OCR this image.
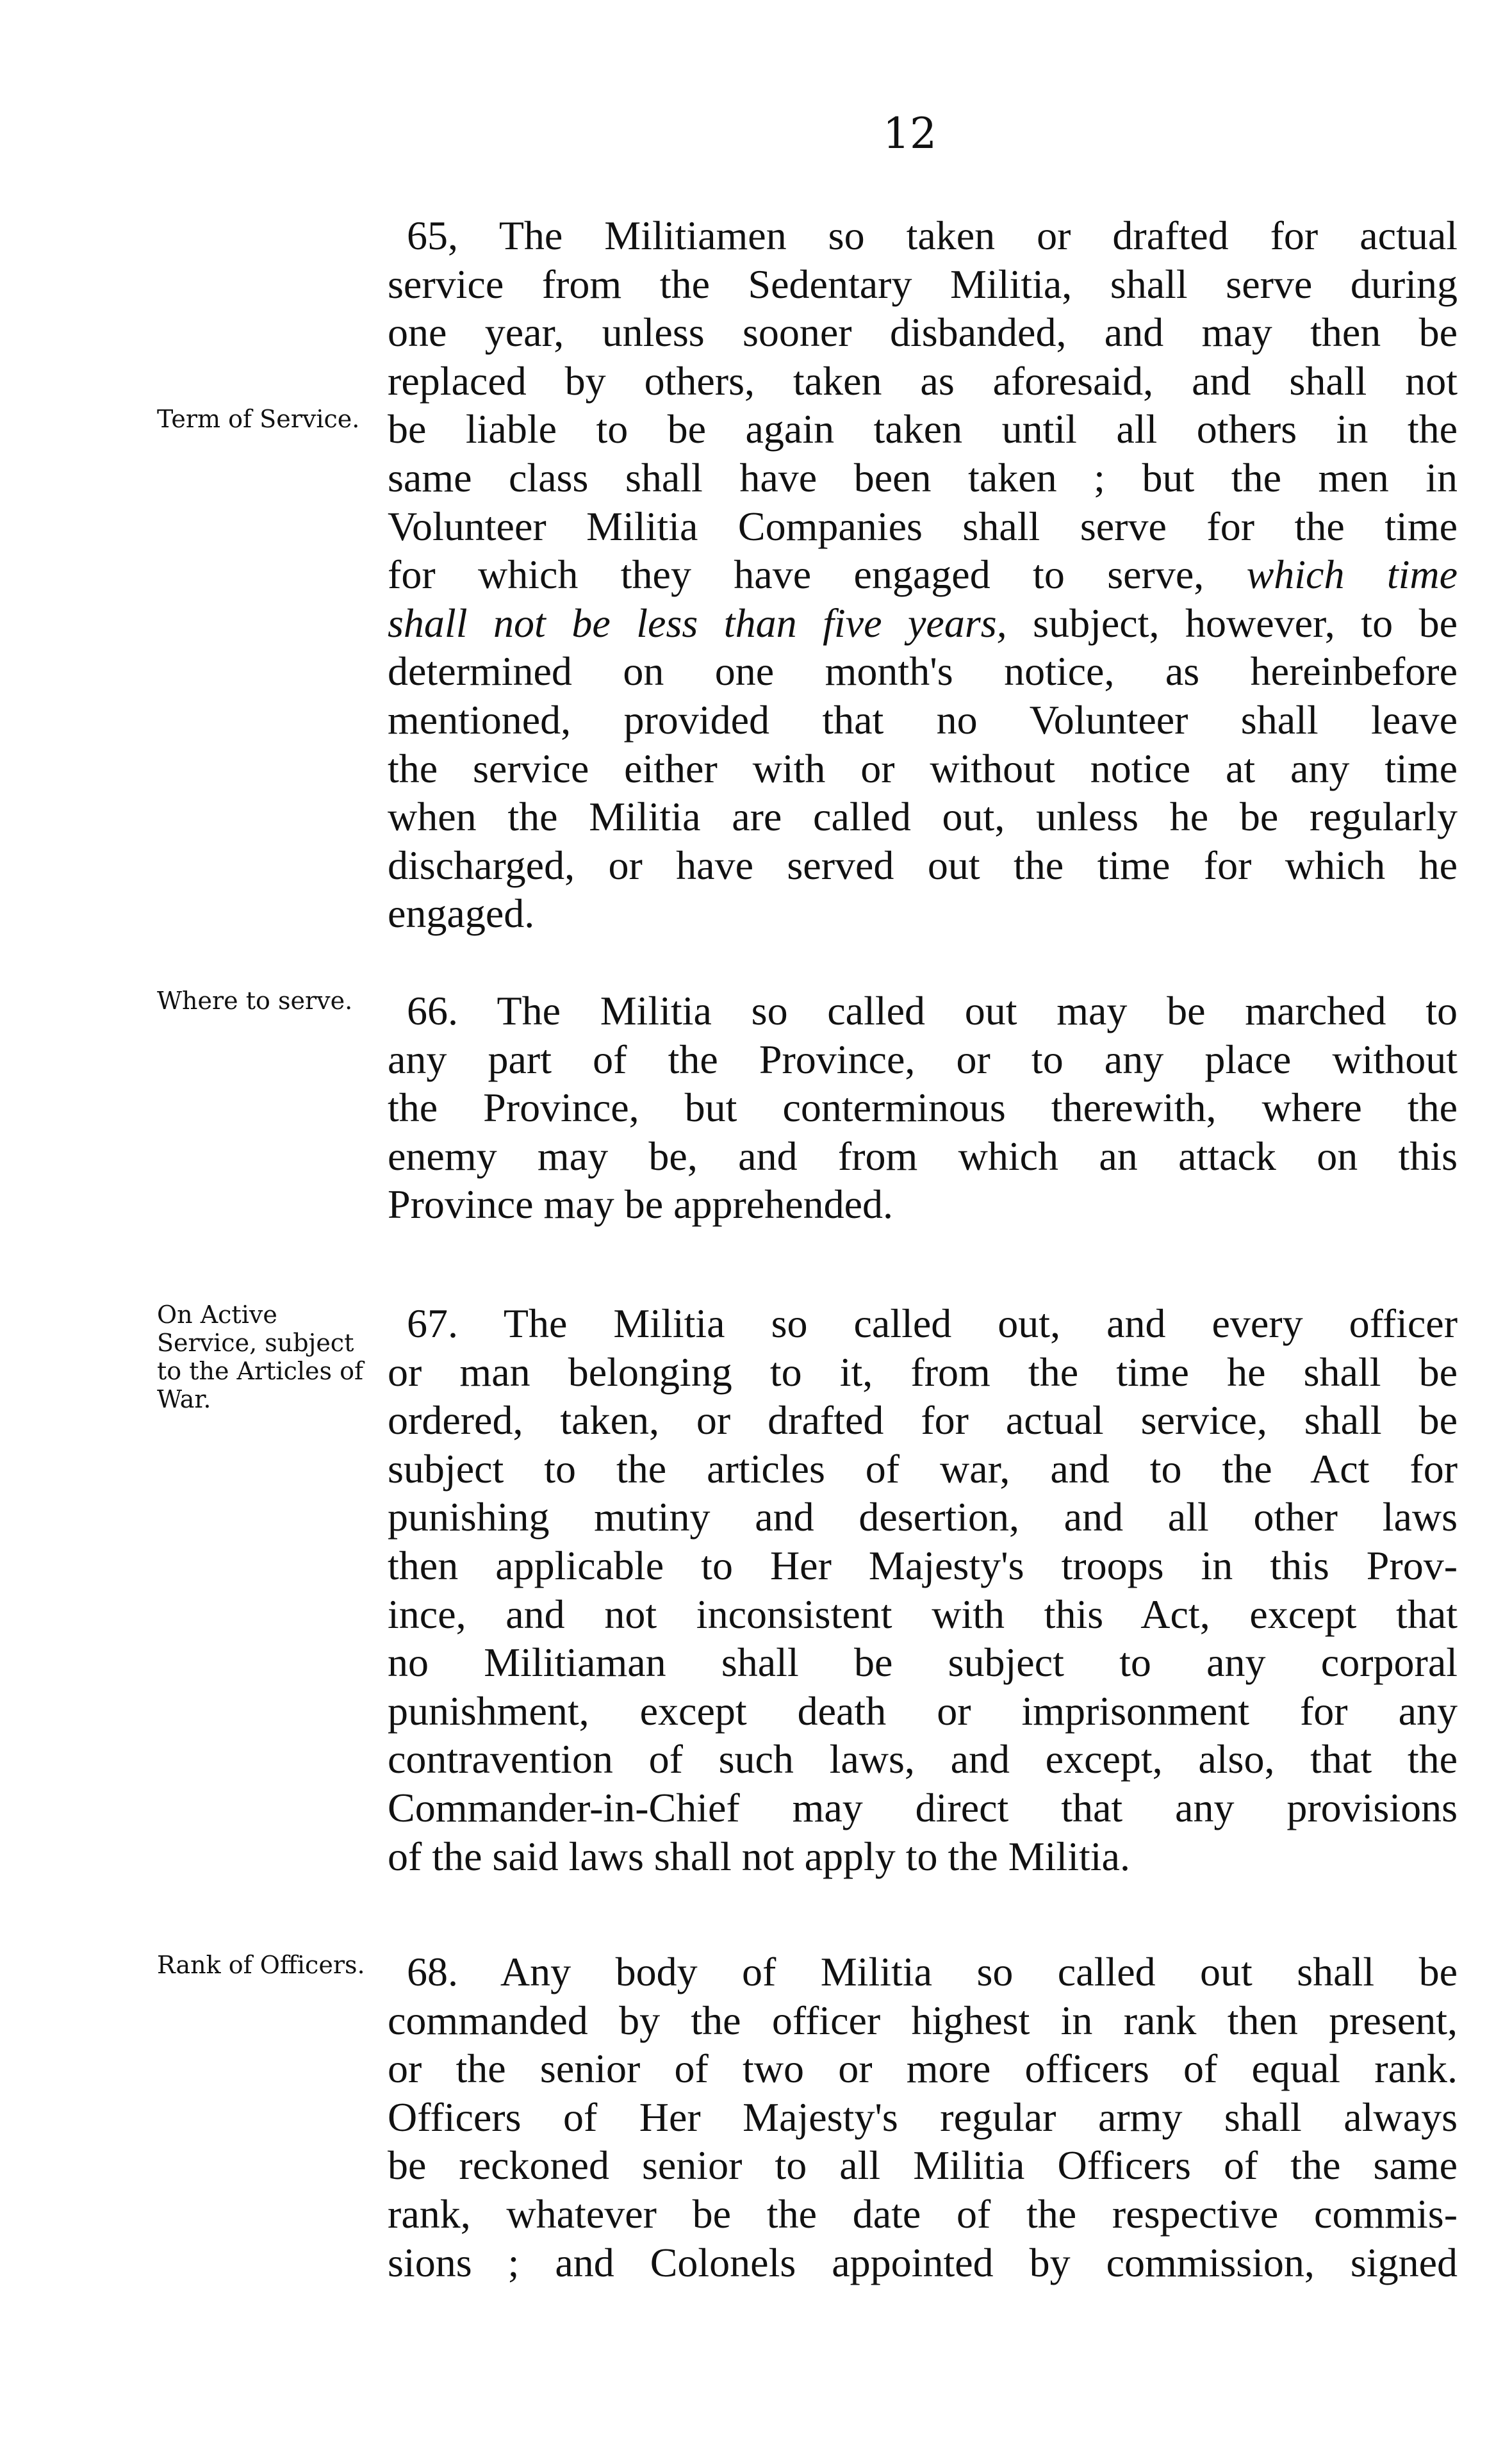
12
Term of Service.
65, The Militiamen so taken or drafted for actual
service from the Sedentary Militia, shall serve during
one year, unless sooner disbanded, and may then be
replaced by others, taken as aforesaid, and shall not
be liable to be again taken until all others in the
same class shall have been taken ; but the men in
Volunteer Militia Companies shall serve for the time
for which they have engaged to serve, which time
shall not be less than five years, subject, however, to be
determined on one month's notice, as hereinbefore
mentioned, provided that no Volunteer shall leave
the service either with or without notice at any time
when the Militia are called out, unless he be regularly
discharged, or have served out the time for which he
engaged.
Where to serve.	66. The Militia so called out may be marched to
any part of the Province, or to any place without
the Province, but conterminous therewith, where the
enemy may be, and from which an attack on this
Province may be apprehended.
On Active Service, subject to the Articles of War.
67. The Militia so called out, and every officer
or man belonging to it, from the time he shall be
ordered, taken, or drafted for actual service, shall be
subject to the articles of war, and to the Act for
punishing mutiny and desertion, and all other laws
then applicable to Her Majesty's troops in this Prov-
ince, and not inconsistent with this Act, except that
no Militiaman shall be subject to any corporal
punishment, except death or imprisonment for any
contravention of such laws, and except, also, that the
Commander-in-Chief may direct that any provisions
of the said laws shall not apply to the Militia.
Rank of Officers.	68. Any body of Militia so called out shall be
commanded by the officer highest in rank then present,
or the senior of two or more officers of equal rank.
Officers of Her Majesty's regular army shall always
be reckoned senior to all Militia Officers of the same
rank, whatever be the date of the respective commis-
sions ; and Colonels appointed by commission, signed
